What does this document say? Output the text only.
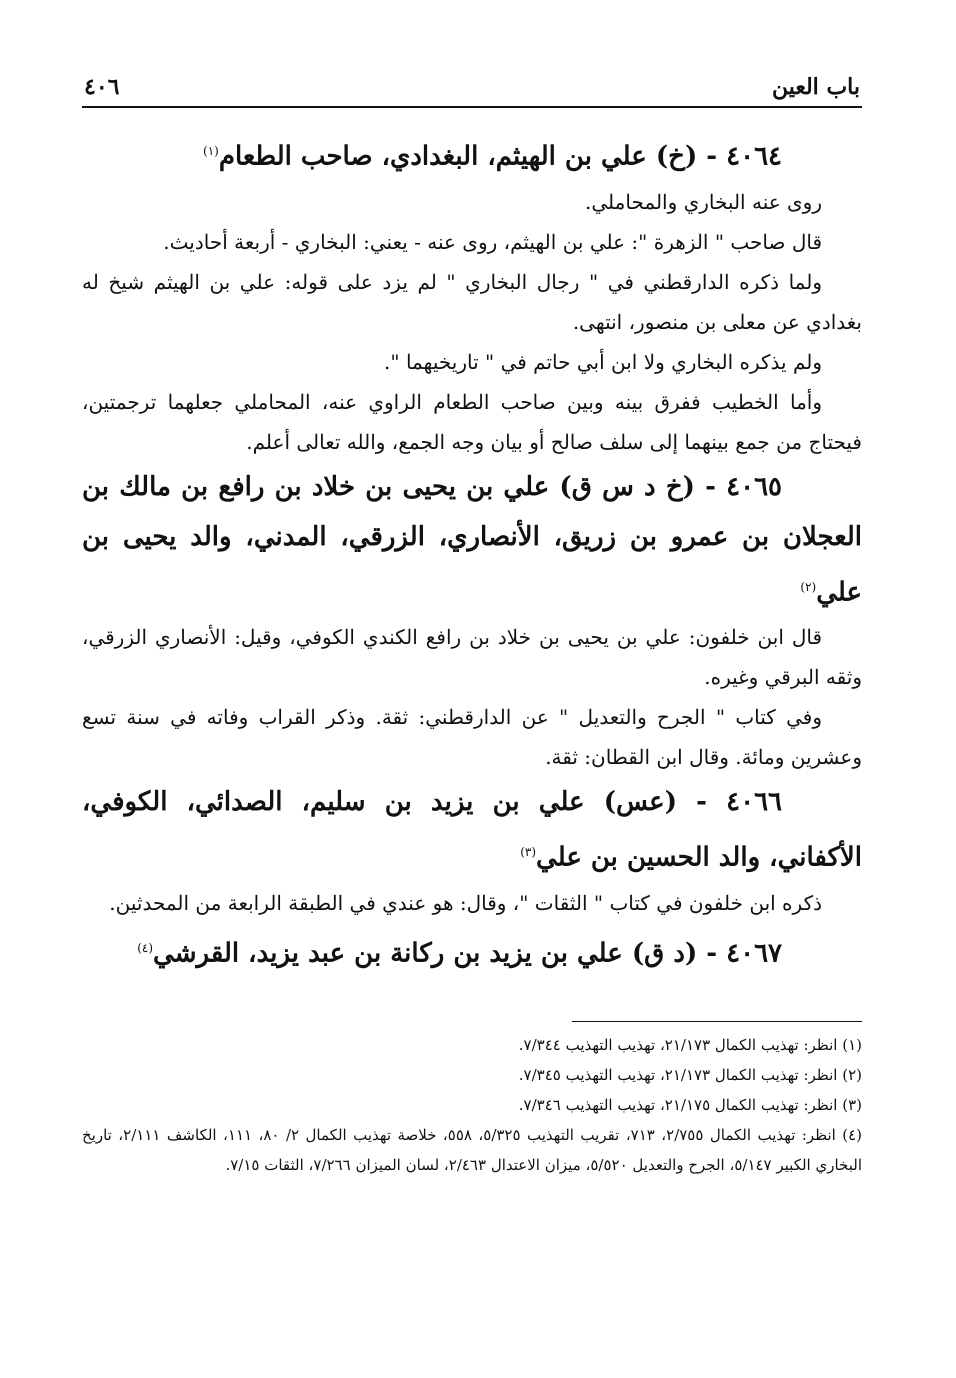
باب العين
٤٠٦
٤٠٦٤ - (خ) علي بن الهيثم، البغدادي، صاحب الطعام$^{(١)}$

روى عنه البخاري والمحاملي.

قال صاحب " الزهرة ": علي بن الهيثم، روى عنه - يعني: البخاري - أربعة أحاديث.

ولما ذكره الدارقطني في " رجال البخاري " لم يزد على قوله: علي بن الهيثم شيخ له بغدادي عن معلى بن منصور، انتهى.

ولم يذكره البخاري ولا ابن أبي حاتم في " تاريخيهما ".

وأما الخطيب ففرق بينه وبين صاحب الطعام الراوي عنه، المحاملي جعلهما ترجمتين، فيحتاج من جمع بينهما إلى سلف صالح أو بيان وجه الجمع، والله تعالى أعلم.

٤٠٦٥ - (خ د س ق) علي بن يحيى بن خلاد بن رافع بن مالك بن العجلان بن عمرو بن زريق، الأنصاري، الزرقي، المدني، والد يحيى بن علي$^{(٢)}$

قال ابن خلفون: علي بن يحيى بن خلاد بن رافع الكندي الكوفي، وقيل: الأنصاري الزرقي، وثقه البرقي وغيره.

وفي كتاب " الجرح والتعديل " عن الدارقطني: ثقة. وذكر القراب وفاته في سنة تسع وعشرين ومائة. وقال ابن القطان: ثقة.

٤٠٦٦ - (عس) علي بن يزيد بن سليم، الصدائي، الكوفي، الأكفاني، والد الحسين بن علي$^{(٣)}$

ذكره ابن خلفون في كتاب " الثقات "، وقال: هو عندي في الطبقة الرابعة من المحدثين.

٤٠٦٧ - (د ق) علي بن يزيد بن ركانة بن عبد يزيد، القرشي$^{(٤)}$

(١) انظر: تهذيب الكمال ٢١/١٧٣، تهذيب التهذيب ٧/٣٤٤.

(٢) انظر: تهذيب الكمال ٢١/١٧٣، تهذيب التهذيب ٧/٣٤٥.

(٣) انظر: تهذيب الكمال ٢١/١٧٥، تهذيب التهذيب ٧/٣٤٦.

(٤) انظر: تهذيب الكمال ٢/٧٥٥، ٧١٣، تقريب التهذيب ٥/٣٢٥، ٥٥٨، خلاصة تهذيب الكمال ٢/ ٨٠، ١١١، الكاشف ٢/١١١، تاريخ البخاري الكبير ٥/١٤٧، الجرح والتعديل ٥/٥٢٠، ميزان الاعتدال ٢/٤٦٣، لسان الميزان ٧/٢٦٦، الثقات ٧/١٥.
